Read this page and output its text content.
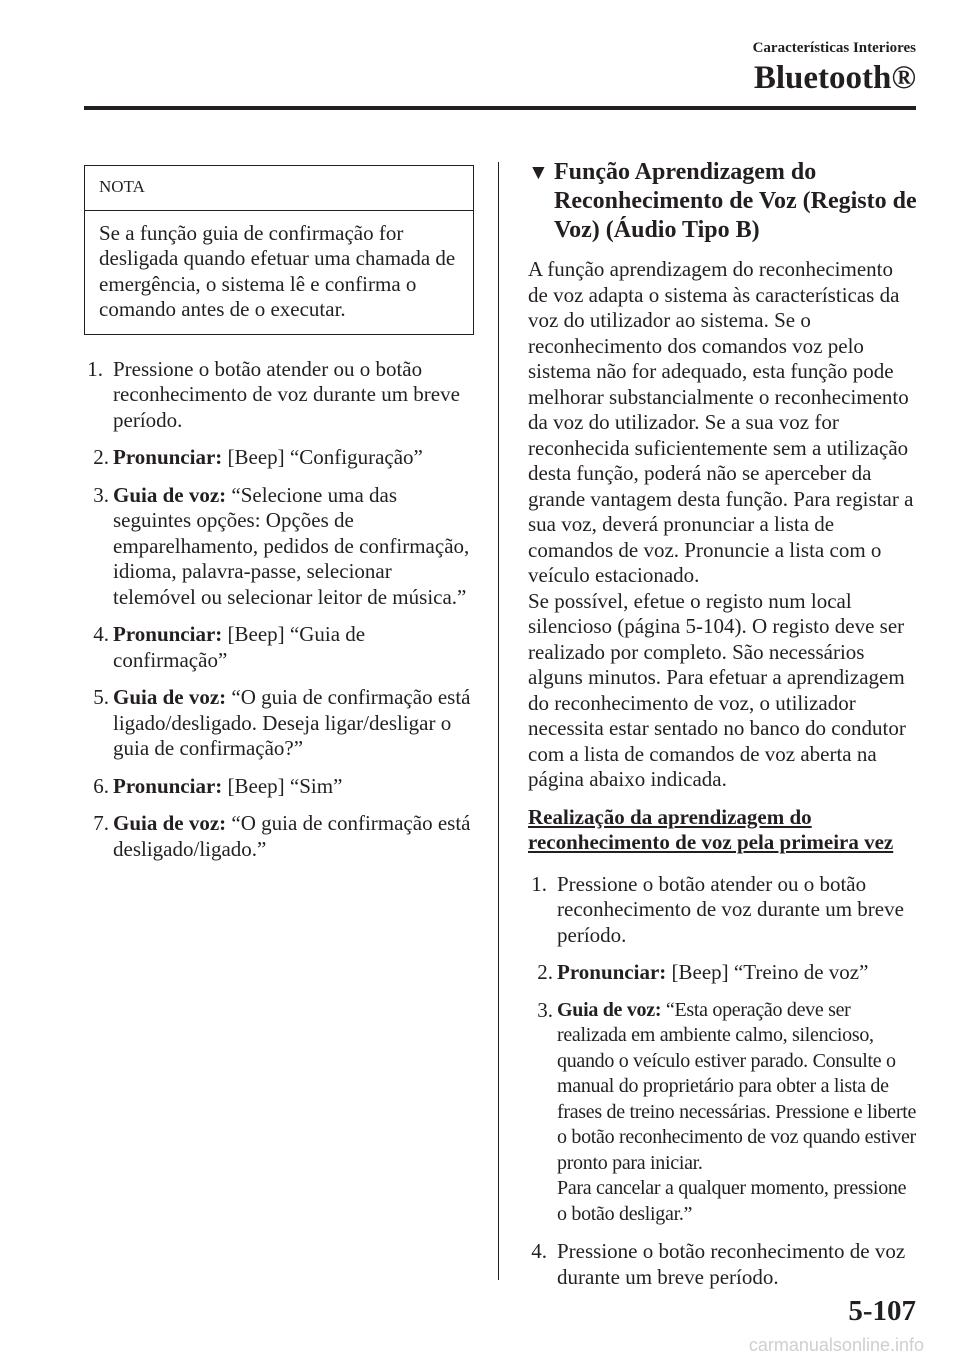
Características Interiores
Bluetooth®
NOTA
Se a função guia de confirmação for desligada quando efetuar uma chamada de emergência, o sistema lê e confirma o comando antes de o executar.
1. Pressione o botão atender ou o botão reconhecimento de voz durante um breve período.
2. Pronunciar: [Beep] “Configuração”
3. Guia de voz: “Selecione uma das seguintes opções: Opções de emparelhamento, pedidos de confirmação, idioma, palavra-passe, selecionar telemóvel ou selecionar leitor de música.”
4. Pronunciar: [Beep] “Guia de confirmação”
5. Guia de voz: “O guia de confirmação está ligado/desligado. Deseja ligar/desligar o guia de confirmação?”
6. Pronunciar: [Beep] “Sim”
7. Guia de voz: “O guia de confirmação está desligado/ligado.”
▼ Função Aprendizagem do Reconhecimento de Voz (Registo de Voz) (Áudio Tipo B)

A função aprendizagem do reconhecimento de voz adapta o sistema às características da voz do utilizador ao sistema. Se o reconhecimento dos comandos voz pelo sistema não for adequado, esta função pode melhorar substancialmente o reconhecimento da voz do utilizador. Se a sua voz for reconhecida suficientemente sem a utilização desta função, poderá não se aperceber da grande vantagem desta função. Para registar a sua voz, deverá pronunciar a lista de comandos de voz. Pronuncie a lista com o veículo estacionado.

Se possível, efetue o registo num local silencioso (página 5-104). O registo deve ser realizado por completo. São necessários alguns minutos. Para efetuar a aprendizagem do reconhecimento de voz, o utilizador necessita estar sentado no banco do condutor com a lista de comandos de voz aberta na página abaixo indicada.

Realização da aprendizagem do reconhecimento de voz pela primeira vez

1. Pressione o botão atender ou o botão reconhecimento de voz durante um breve período.
2. Pronunciar: [Beep] “Treino de voz”
3. Guia de voz: “Esta operação deve ser realizada em ambiente calmo, silencioso, quando o veículo estiver parado. Consulte o manual do proprietário para obter a lista de frases de treino necessárias. Pressione e liberte o botão reconhecimento de voz quando estiver pronto para iniciar.
Para cancelar a qualquer momento, pressione o botão desligar.”
4. Pressione o botão reconhecimento de voz durante um breve período.
5-107
carmanualsonline.info
